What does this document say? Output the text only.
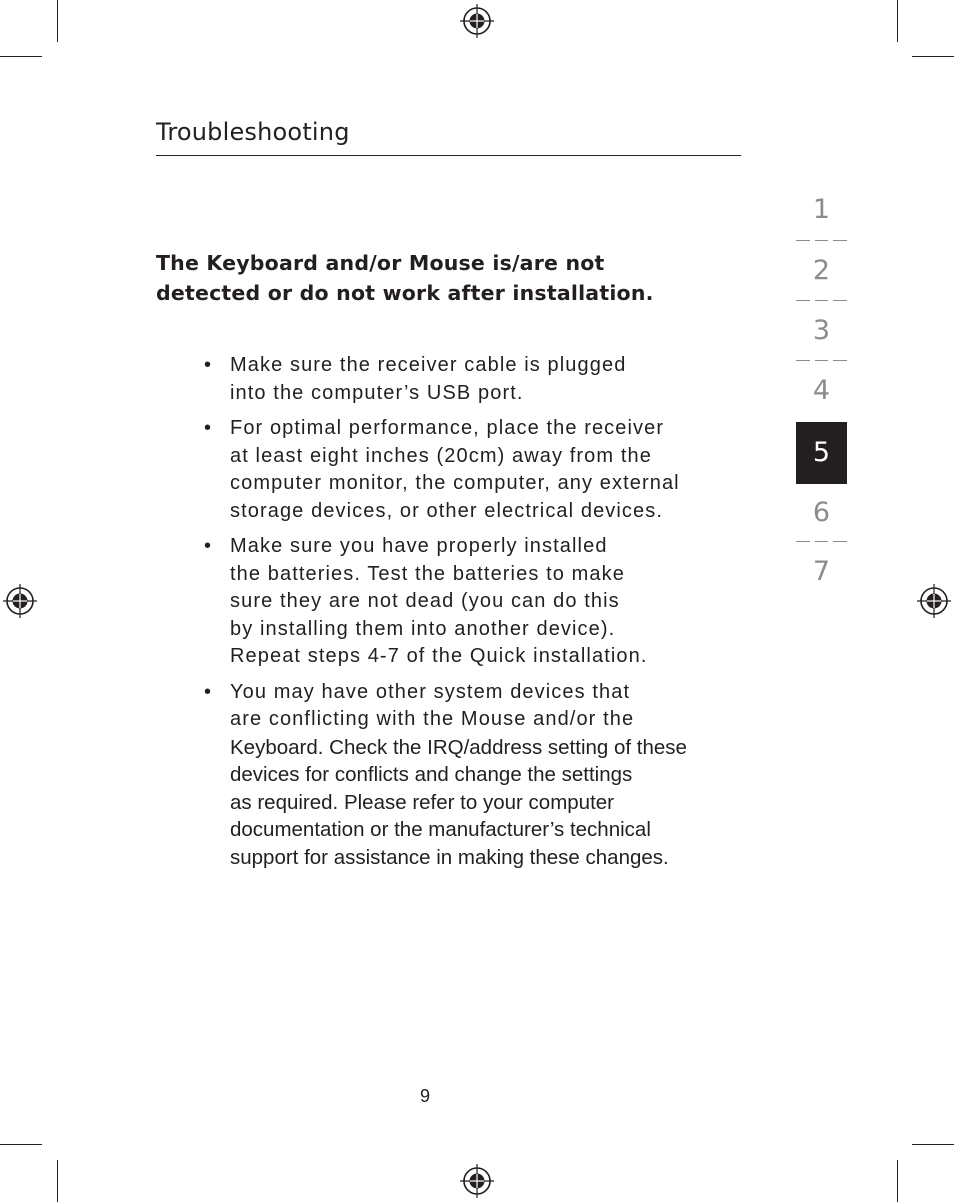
Troubleshooting
The Keyboard and/or Mouse is/are not
detected or do not work after installation.
• Make sure the receiver cable is plugged
into the computer’s USB port.
• For optimal performance, place the receiver
at least eight inches (20cm) away from the
computer monitor, the computer, any external
storage devices, or other electrical devices.
• Make sure you have properly installed
the batteries. Test the batteries to make
sure they are not dead (you can do this
by installing them into another device).
Repeat steps 4-7 of the Quick installation.
• You may have other system devices that
are conflicting with the Mouse and/or the
Keyboard. Check the IRQ/address setting of these
devices for conflicts and change the settings
as required. Please refer to your computer
documentation or the manufacturer’s technical
support for assistance in making these changes.
1
2
3
4
5
6
7
9
